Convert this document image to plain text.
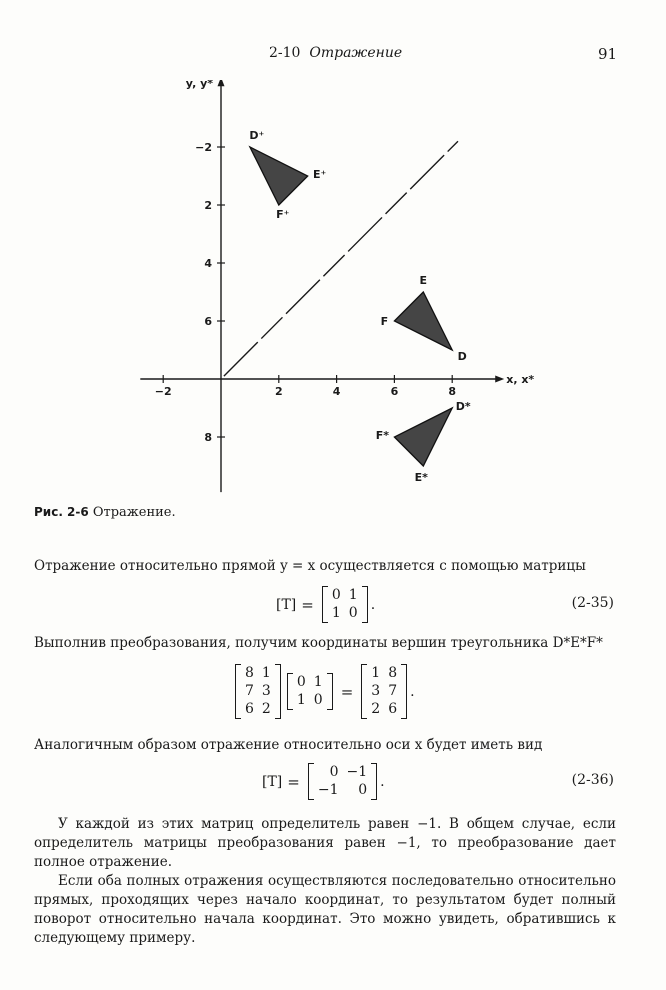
2-10 Отражение	91
−2	2	4	6	8
8
6
4
2
−2
y, y*
x, x*
D
E
F
D⁺
E⁺
F⁺
D*
E*
F*
Рис. 2-6 Отражение.
Отражение относительно прямой y = x осуществляется с помощью матрицы
[T] =
0 1
1 0
.	(2-35)
Выполнив преобразования, получим координаты вершин треугольника D*E*F*
8 1
7 3
6 2
0 1
1 0 =
1 8
3 7
2 6
.
Аналогичным образом отражение относительно оси x будет иметь вид
[T] =
0 −1
−1	0
.	(2-36)
У каждой из этих матриц определитель равен −1. В общем случае, если определитель матрицы преобразования равен −1, то преобразование дает полное отражение.
Если оба полных отражения осуществляются последовательно относительно прямых, проходящих через начало координат, то результатом будет полный поворот относительно начала координат. Это можно увидеть, обратившись к следующему примеру.
